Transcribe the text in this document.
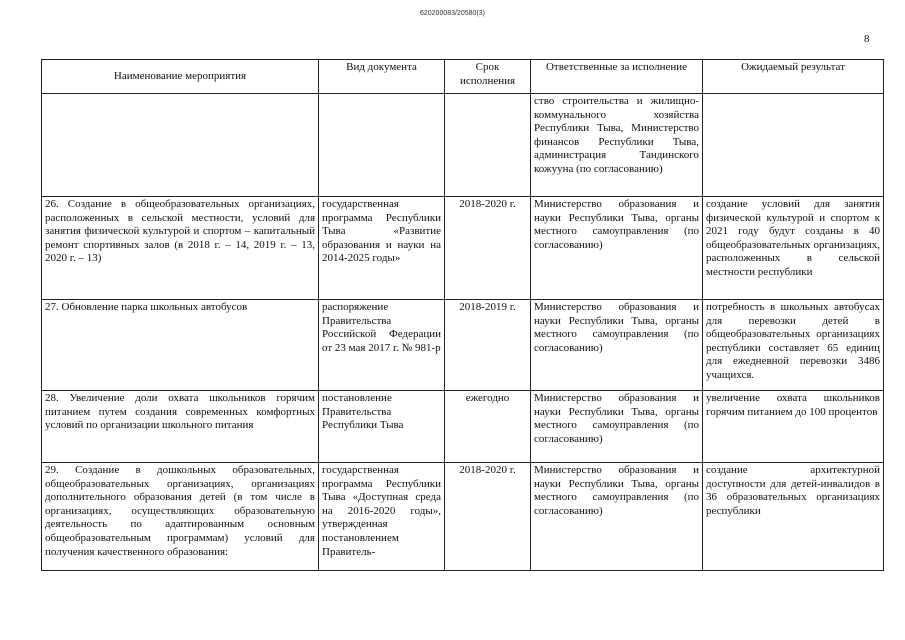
620200083/20580(3)
8
Наименование мероприятия	Вид документа	Срок исполнения	Ответственные за исполнение	Ожидаемый результат
			ство строительства и жилищно-коммунального хозяйства Республики Тыва, Министерство финансов Республики Тыва, администрация Тандинского кожууна (по согласованию)	
26. Создание в общеобразовательных организациях, расположенных в сельской местности, условий для занятия физической культурой и спортом – капитальный ремонт спортивных залов (в 2018 г. – 14, 2019 г. – 13, 2020 г. – 13)	государственная программа Республики Тыва «Развитие образования и науки на 2014-2025 годы»	2018-2020 г.	Министерство образования и науки Республики Тыва, органы местного самоуправления (по согласованию)	создание условий для занятия физической культурой и спортом к 2021 году будут созданы в 40 общеобразовательных организациях, расположенных в сельской местности республики
27. Обновление парка школьных автобусов	распоряжение Правительства Российской Федерации от 23 мая 2017 г. № 981-р	2018-2019 г.	Министерство образования и науки Республики Тыва, органы местного самоуправления (по согласованию)	потребность в школьных автобусах для перевозки детей в общеобразовательных организациях республики составляет 65 единиц для ежедневной перевозки 3486 учащихся.
28. Увеличение доли охвата школьников горячим питанием путем создания современных комфортных условий по организации школьного питания	постановление Правительства Республики Тыва	ежегодно	Министерство образования и науки Республики Тыва, органы местного самоуправления (по согласованию)	увеличение охвата школьников горячим питанием до 100 процентов
29. Создание в дошкольных образовательных, общеобразовательных организациях, организациях дополнительного образования детей (в том числе в организациях, осуществляющих образовательную деятельность по адаптированным основным общеобразовательным программам) условий для получения качественного образования:	государственная программа Республики Тыва «Доступная среда на 2016-2020 годы», утвержденная постановлением Правитель-	2018-2020 г.	Министерство образования и науки Республики Тыва, органы местного самоуправления (по согласованию)	создание архитектурной доступности для детей-инвалидов в 36 образовательных организациях республики
